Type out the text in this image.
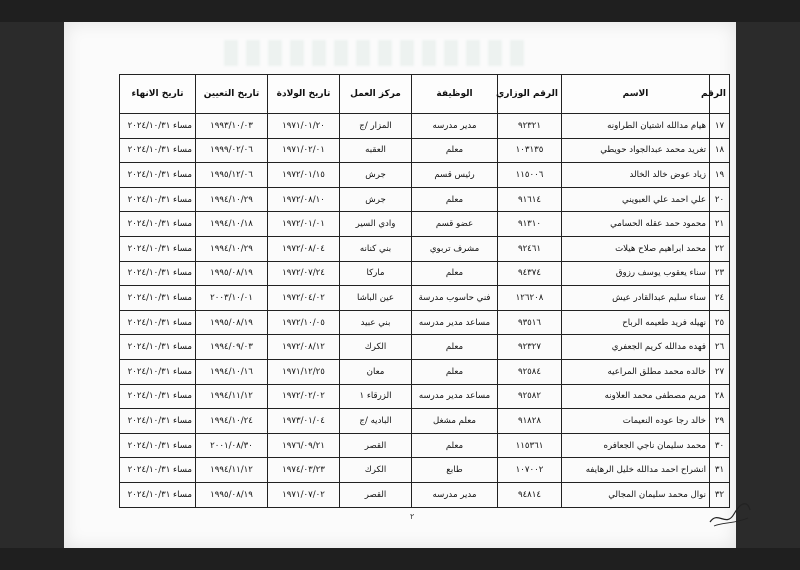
الرقم	الاسم	الرقم الوزاري	الوظيفة	مركز العمل	تاريخ الولادة	تاريخ التعيين	تاريخ الانهاء
١٧	هيام مدالله اشتيان الطراونه	٩٢٣٢١	مدير مدرسه	المزار /ج	١٩٧١/٠١/٢٠	١٩٩٣/١٠/٠٣	مساء ٢٠٢٤/١٠/٣١
١٨	تغريد محمد عبدالجواد حويطي	١٠٣١٣٥	معلم	العقبه	١٩٧١/٠٢/٠١	١٩٩٩/٠٢/٠٦	مساء ٢٠٢٤/١٠/٣١
١٩	زياد عوض خالد الخالد	١١٥٠٠٦	رئيس قسم	جرش	١٩٧٢/٠١/١٥	١٩٩٥/١٢/٠٦	مساء ٢٠٢٤/١٠/٣١
٢٠	علي احمد علي العبويني	٩١٦١٤	معلم	جرش	١٩٧٢/٠٨/١٠	١٩٩٤/١٠/٢٩	مساء ٢٠٢٤/١٠/٣١
٢١	محمود حمد عقله الحسامي	٩١٣١٠	عضو قسم	وادي السير	١٩٧٢/٠١/٠١	١٩٩٤/١٠/١٨	مساء ٢٠٢٤/١٠/٣١
٢٢	محمد ابراهيم صلاح هيلات	٩٢٤٦١	مشرف تربوي	بني كنانه	١٩٧٢/٠٨/٠٤	١٩٩٤/١٠/٢٩	مساء ٢٠٢٤/١٠/٣١
٢٣	سناء يعقوب يوسف رزوق	٩٤٣٧٤	معلم	ماركا	١٩٧٢/٠٧/٢٤	١٩٩٥/٠٨/١٩	مساء ٢٠٢٤/١٠/٣١
٢٤	سناء سليم عبدالقادر عيش	١٢٦٢٠٨	فني حاسوب مدرسة	عين الباشا	١٩٧٢/٠٤/٠٢	٢٠٠٣/١٠/٠١	مساء ٢٠٢٤/١٠/٣١
٢٥	نهيله فريد طعيمه الرباح	٩٣٥١٦	مساعد مدير مدرسه	بني عبيد	١٩٧٢/١٠/٠٥	١٩٩٥/٠٨/١٩	مساء ٢٠٢٤/١٠/٣١
٢٦	فهده مدالله كريم الجعفري	٩٢٣٢٧	معلم	الكرك	١٩٧٢/٠٨/١٢	١٩٩٤/٠٩/٠٣	مساء ٢٠٢٤/١٠/٣١
٢٧	خالده محمد مطلق المراعيه	٩٢٥٨٤	معلم	معان	١٩٧١/١٢/٢٥	١٩٩٤/١٠/١٦	مساء ٢٠٢٤/١٠/٣١
٢٨	مريم مصطفى محمد العلاونه	٩٢٥٨٢	مساعد مدير مدرسه	الزرقاء ١	١٩٧٢/٠٢/٠٢	١٩٩٤/١١/١٢	مساء ٢٠٢٤/١٠/٣١
٢٩	خالد رجا عوده النعيمات	٩١٨٢٨	معلم مشغل	الباديه /ج	١٩٧٣/٠١/٠٤	١٩٩٤/١٠/٢٤	مساء ٢٠٢٤/١٠/٣١
٣٠	محمد سليمان ناجي الجعافره	١١٥٣٦١	معلم	القصر	١٩٧٦/٠٩/٢١	٢٠٠١/٠٨/٣٠	مساء ٢٠٢٤/١٠/٣١
٣١	انشراح احمد مدالله خليل الرهايفه	١٠٧٠٠٢	طابع	الكرك	١٩٧٤/٠٣/٢٣	١٩٩٤/١١/١٢	مساء ٢٠٢٤/١٠/٣١
٣٢	نوال محمد سليمان المجالي	٩٤٨١٤	مدير مدرسه	القصر	١٩٧١/٠٧/٠٢	١٩٩٥/٠٨/١٩	مساء ٢٠٢٤/١٠/٣١
٢
